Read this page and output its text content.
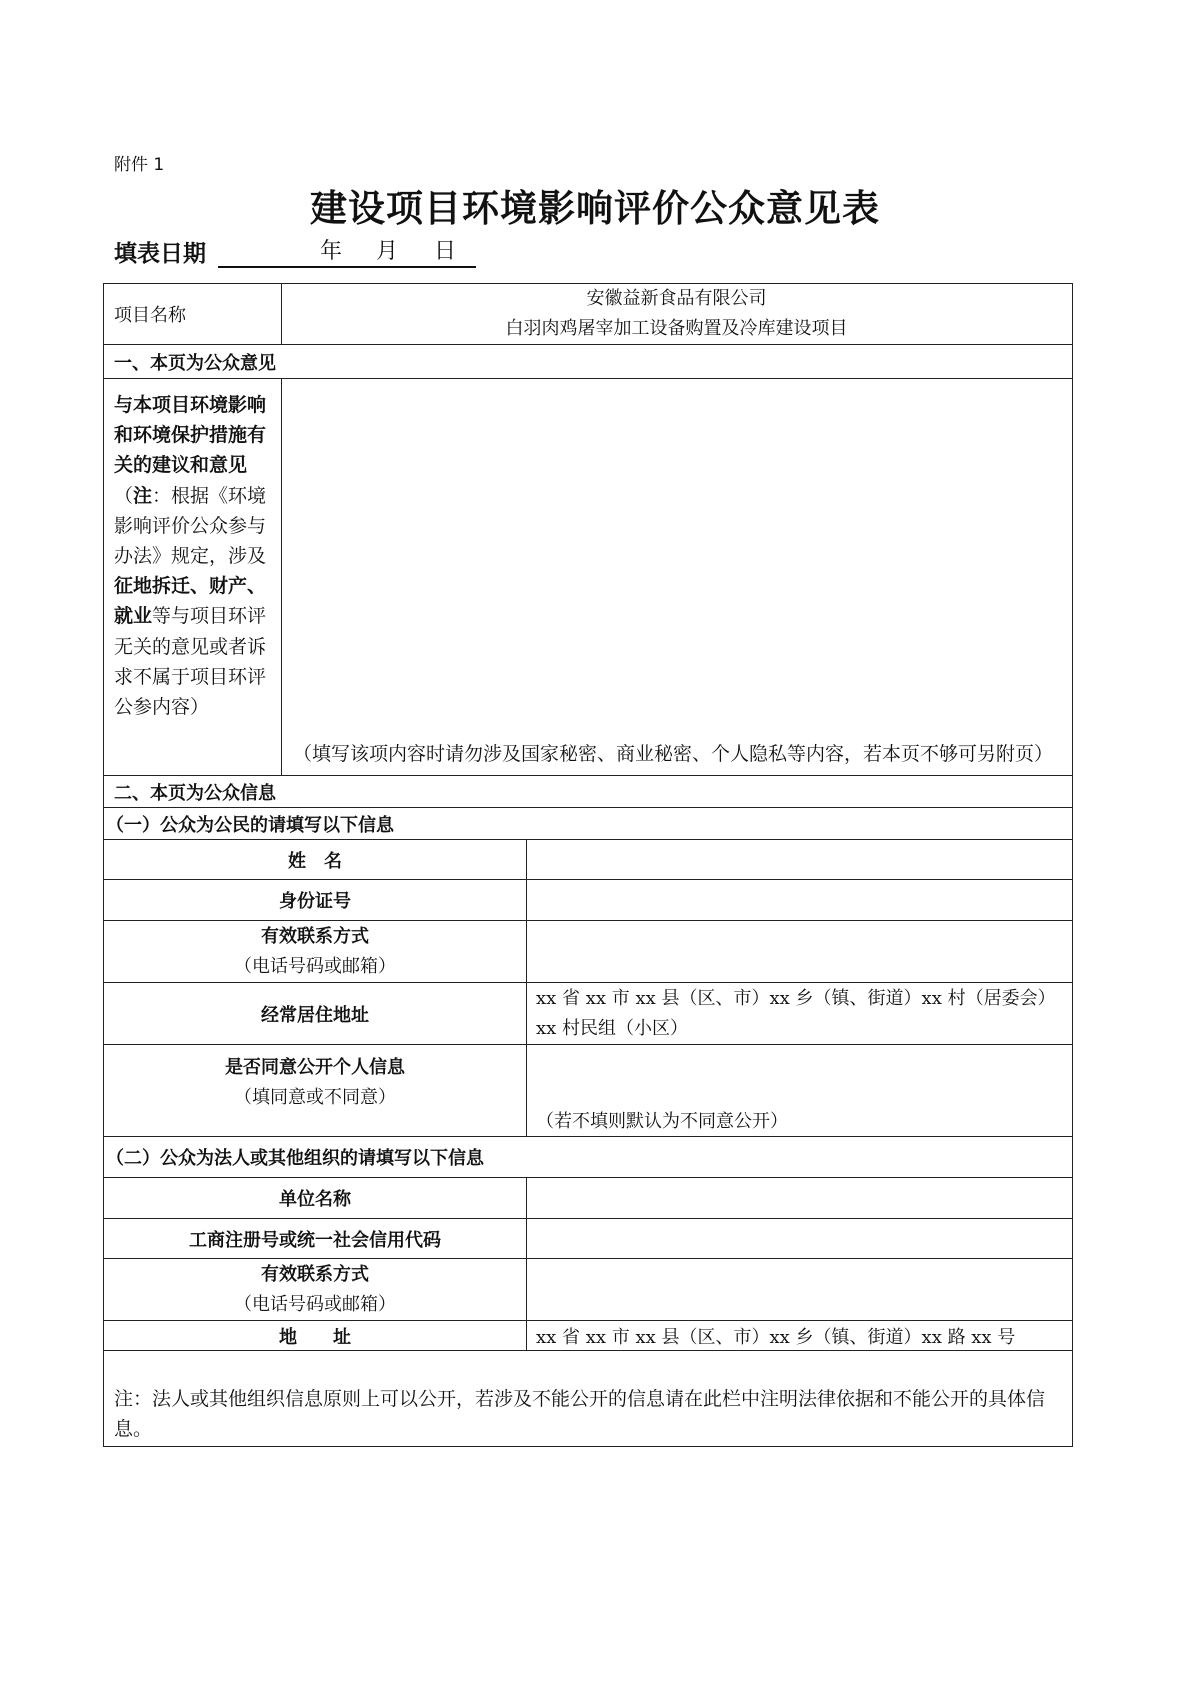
附件 1
建设项目环境影响评价公众意见表
填表日期	年 月 日
项目名称
安徽益新食品有限公司
白羽肉鸡屠宰加工设备购置及冷库建设项目
一、本页为公众意见
与本项目环境影响和环境保护措施有关的建议和意见（注：根据《环境影响评价公众参与办法》规定，涉及征地拆迁、财产、就业等与项目环评无关的意见或者诉求不属于项目环评公参内容）
（填写该项内容时请勿涉及国家秘密、商业秘密、个人隐私等内容，若本页不够可另附页）
二、本页为公众信息
（一）公众为公民的请填写以下信息
姓　名
身份证号
有效联系方式
（电话号码或邮箱）
经常居住地址
xx 省 xx 市 xx 县（区、市）xx 乡（镇、街道）xx 村（居委会）xx 村民组（小区）
是否同意公开个人信息
（填同意或不同意）
（若不填则默认为不同意公开）
（二）公众为法人或其他组织的请填写以下信息
单位名称
工商注册号或统一社会信用代码
有效联系方式
（电话号码或邮箱）
地　　址	xx 省 xx 市 xx 县（区、市）xx 乡（镇、街道）xx 路 xx 号
注：法人或其他组织信息原则上可以公开，若涉及不能公开的信息请在此栏中注明法律依据和不能公开的具体信息。
